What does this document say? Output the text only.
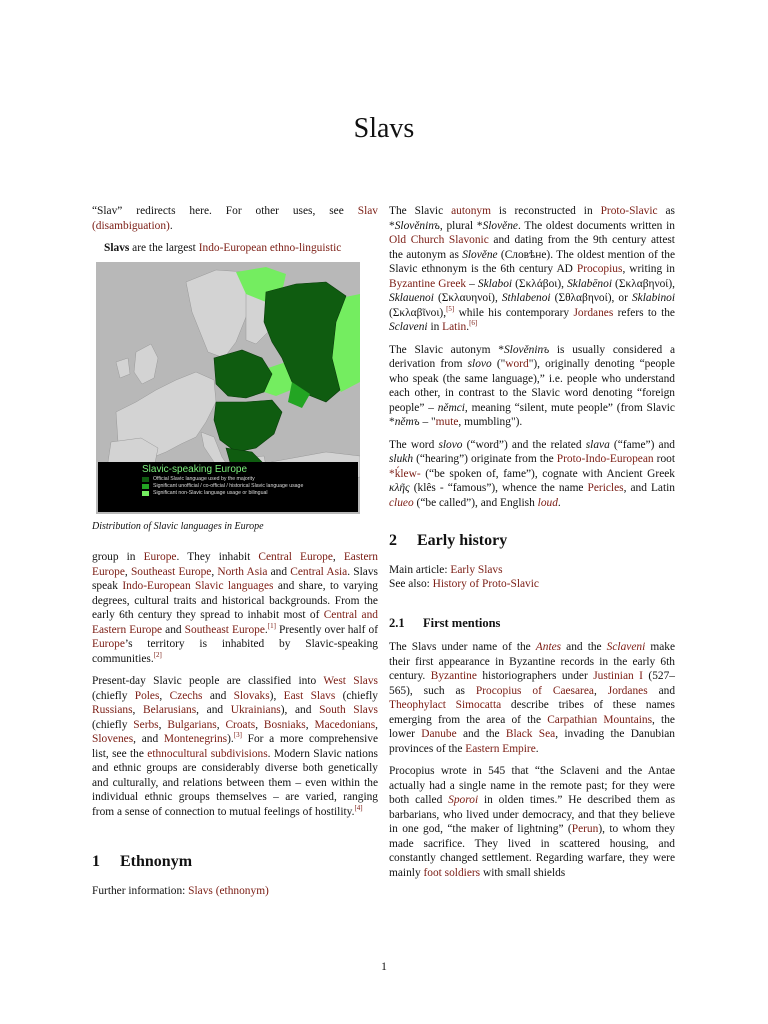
Slavs

“Slav” redirects here. For other uses, see Slav (disambiguation).

Slavs are the largest Indo-European ethno-linguistic

Slavic-speaking Europe
Official Slavic language used by the majority
Significant unofficial / co-official / historical Slavic language usage
Significant non-Slavic language usage or bilingual
Distribution of Slavic languages in Europe

group in Europe. They inhabit Central Europe, Eastern Europe, Southeast Europe, North Asia and Central Asia. Slavs speak Indo-European Slavic languages and share, to varying degrees, cultural traits and historical backgrounds. From the early 6th century they spread to inhabit most of Central and Eastern Europe and Southeast Europe.[1] Presently over half of Europe’s territory is inhabited by Slavic-speaking communities.[2]

Present-day Slavic people are classified into West Slavs (chiefly Poles, Czechs and Slovaks), East Slavs (chiefly Russians, Belarusians, and Ukrainians), and South Slavs (chiefly Serbs, Bulgarians, Croats, Bosniaks, Macedonians, Slovenes, and Montenegrins).[3] For a more comprehensive list, see the ethnocultural subdivisions. Modern Slavic nations and ethnic groups are considerably diverse both genetically and culturally, and relations between them – even within the individual ethnic groups themselves – are varied, ranging from a sense of connection to mutual feelings of hostility.[4]

1 Ethnonym

Further information: Slavs (ethnonym)

The Slavic autonym is reconstructed in Proto-Slavic as *Slověninъ, plural *Slověne. The oldest documents written in Old Church Slavonic and dating from the 9th century attest the autonym as Slověne (Словѣне). The oldest mention of the Slavic ethnonym is the 6th century AD Procopius, writing in Byzantine Greek – Sklaboi (Σκλάβοι), Sklabēnoi (Σκλαβηνοί), Sklauenoi (Σκλαυηνοί), Sthlabenoi (Σθλαβηνοί), or Sklabinoi (Σκλαβῖνοι),[5] while his contemporary Jordanes refers to the Sclaveni in Latin.[6]

The Slavic autonym *Slověninъ is usually considered a derivation from slovo ("word"), originally denoting “people who speak (the same language),” i.e. people who understand each other, in contrast to the Slavic word denoting “foreign people” – němci, meaning “silent, mute people” (from Slavic *němъ – "mute, mumbling").

The word slovo (“word”) and the related slava (“fame”) and slukh (“hearing”) originate from the Proto-Indo-European root *ḱlew- (“be spoken of, fame”), cognate with Ancient Greek κλῆς (klês - “famous”), whence the name Pericles, and Latin clueo (“be called”), and English loud.

2 Early history

Main article: Early Slavs

See also: History of Proto-Slavic

2.1 First mentions

The Slavs under name of the Antes and the Sclaveni make their first appearance in Byzantine records in the early 6th century. Byzantine historiographers under Justinian I (527–565), such as Procopius of Caesarea, Jordanes and Theophylact Simocatta describe tribes of these names emerging from the area of the Carpathian Mountains, the lower Danube and the Black Sea, invading the Danubian provinces of the Eastern Empire.

Procopius wrote in 545 that “the Sclaveni and the Antae actually had a single name in the remote past; for they were both called Sporoi in olden times.” He described them as barbarians, who lived under democracy, and that they believe in one god, “the maker of lightning” (Perun), to whom they made sacrifice. They lived in scattered housing, and constantly changed settlement. Regarding warfare, they were mainly foot soldiers with small shields

1
